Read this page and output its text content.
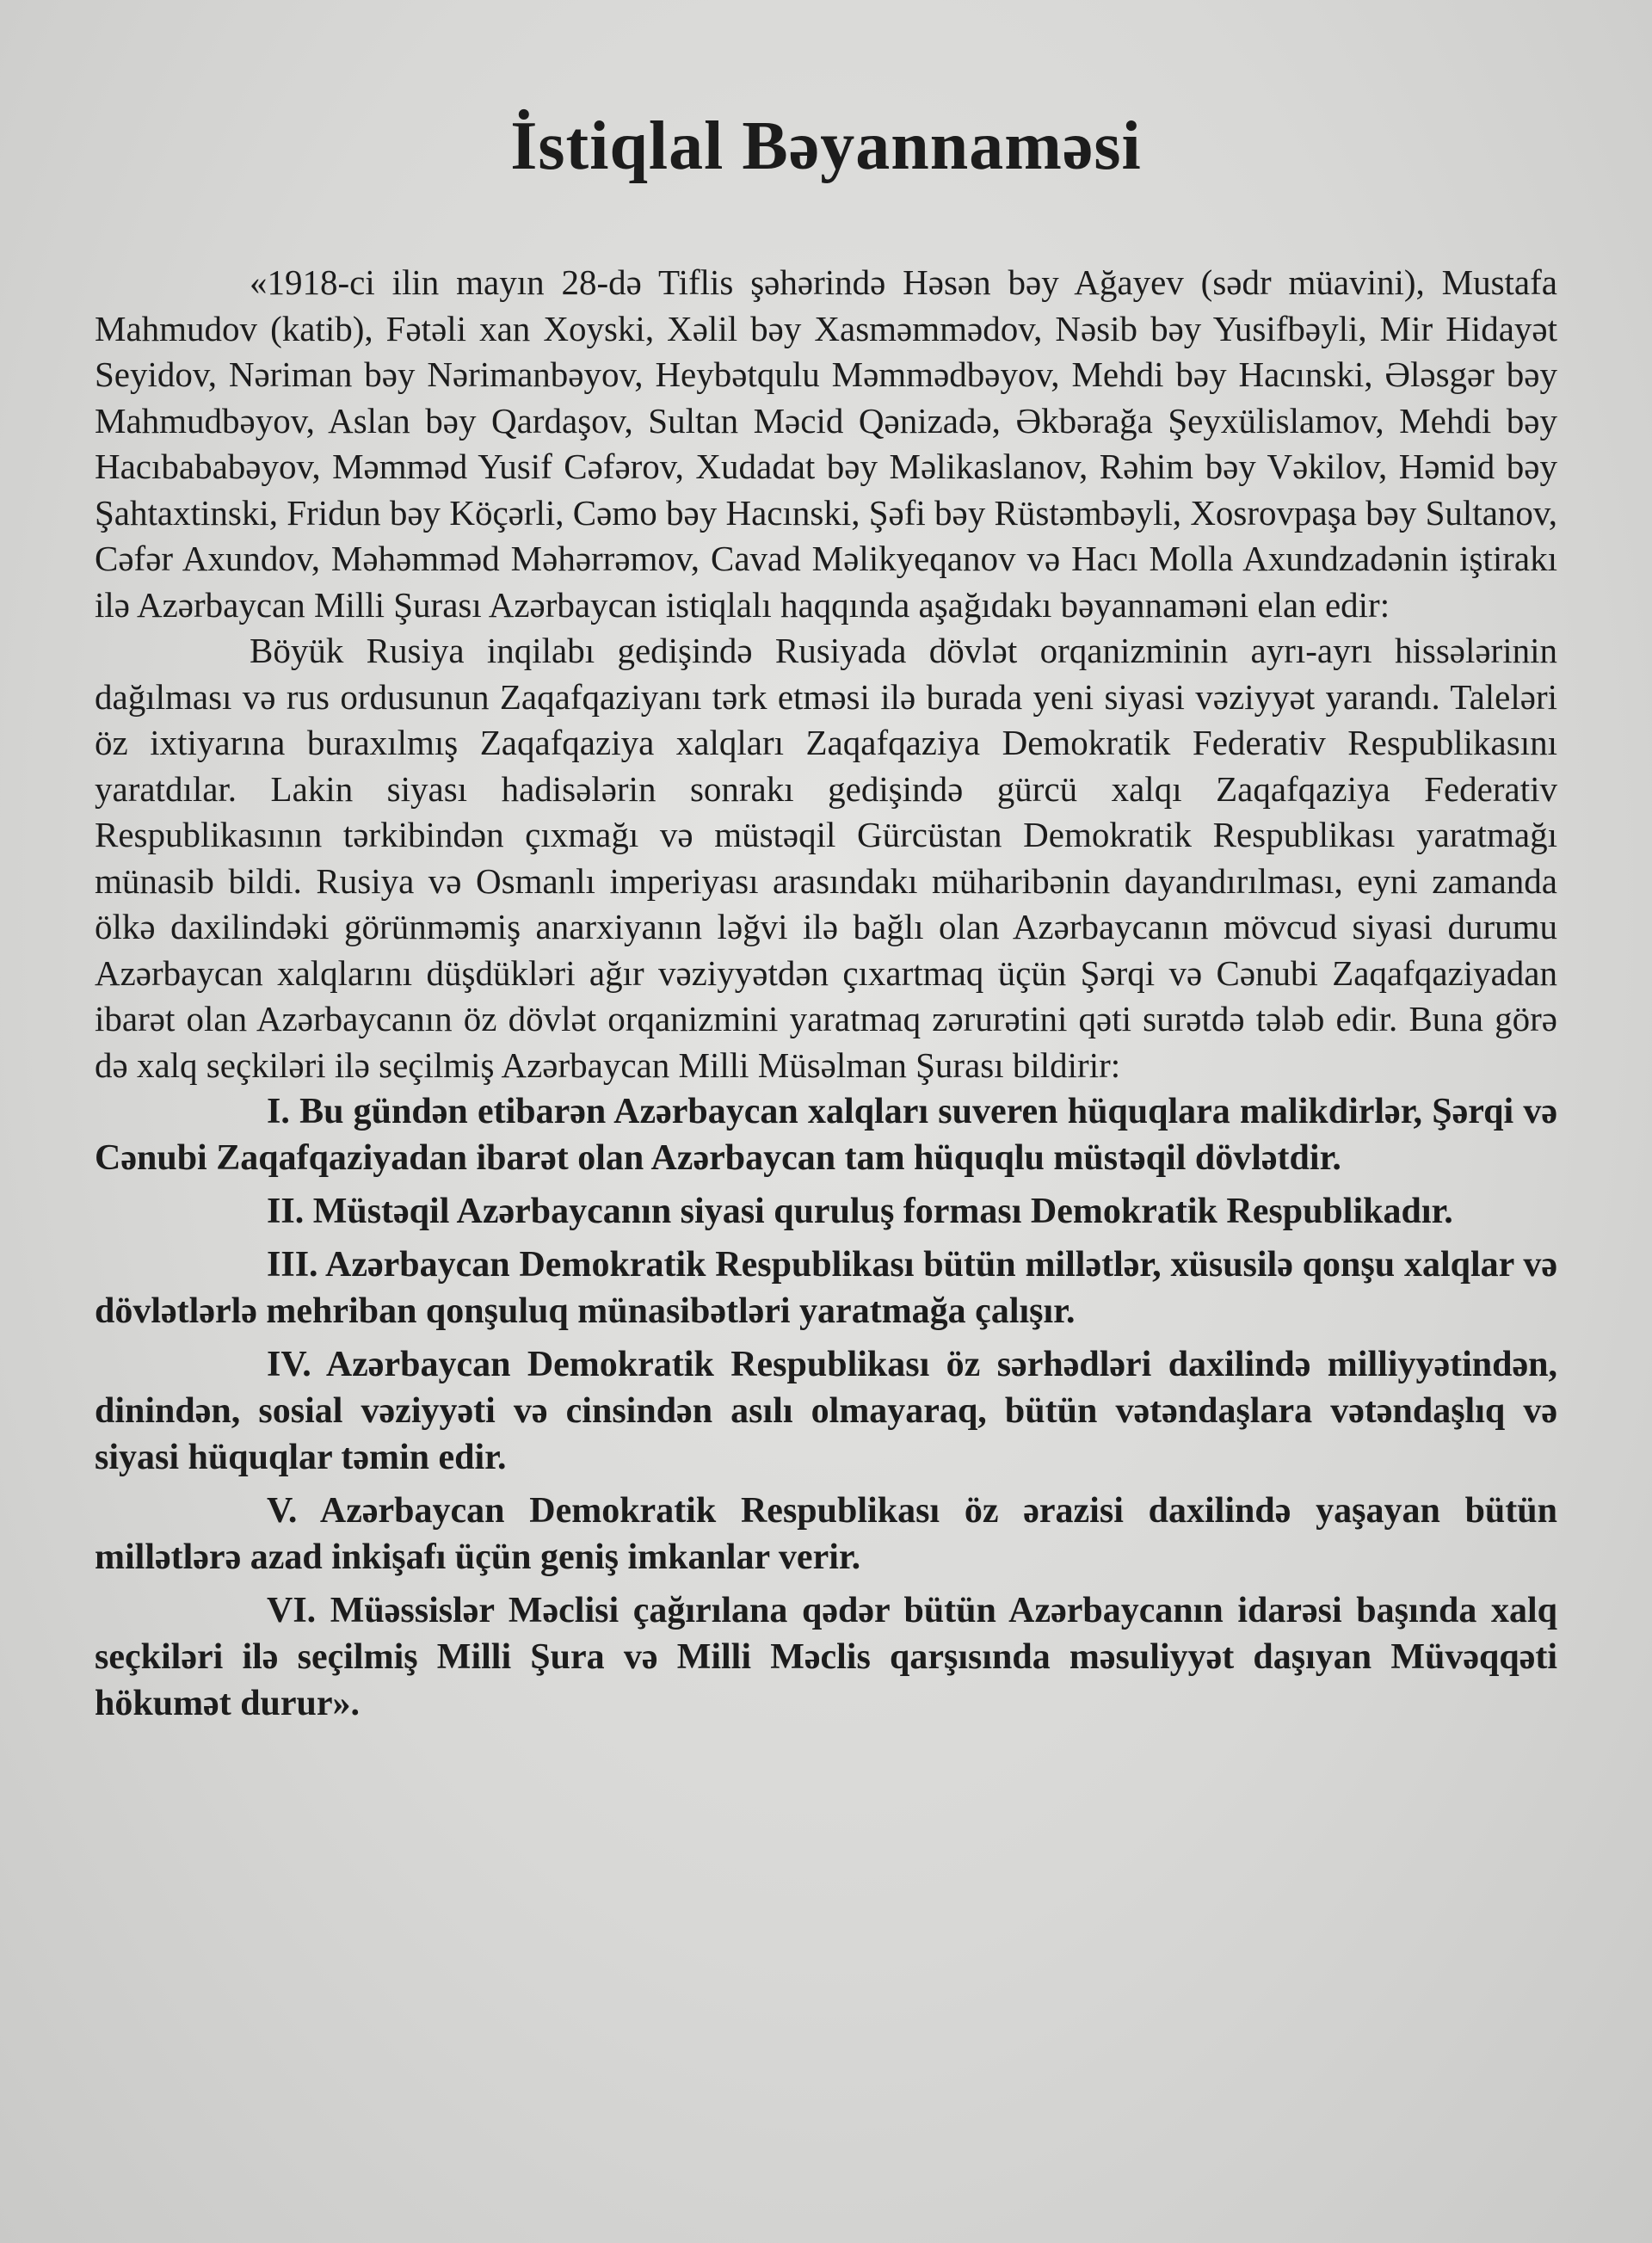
İstiqlal Bəyannaməsi

«1918-ci ilin mayın 28-də Tiflis şəhərində Həsən bəy Ağayev (sədr müavini), Mustafa Mahmudov (katib), Fətəli xan Xoyski, Xəlil bəy Xasməmmədov, Nəsib bəy Yusifbəyli, Mir Hidayət Seyidov, Nəriman bəy Nərimanbəyov, Heybətqulu Məmmədbəyov, Mehdi bəy Hacınski, Ələsgər bəy Mahmudbəyov, Aslan bəy Qardaşov, Sultan Məcid Qənizadə, Əkbərağa Şeyxülislamov, Mehdi bəy Hacıbababəyov, Məmməd Yusif Cəfərov, Xudadat bəy Məlikaslanov, Rəhim bəy Vəkilov, Həmid bəy Şahtaxtinski, Fridun bəy Köçərli, Cəmo bəy Hacınski, Şəfi bəy Rüstəmbəyli, Xosrovpaşa bəy Sultanov, Cəfər Axundov, Məhəmməd Məhərrəmov, Cavad Məlikyeqanov və Hacı Molla Axundzadənin iştirakı ilə Azərbaycan Milli Şurası Azərbaycan istiqlalı haqqında aşağıdakı bəyannaməni elan edir:

Böyük Rusiya inqilabı gedişində Rusiyada dövlət orqanizminin ayrı-ayrı hissələrinin dağılması və rus ordusunun Zaqafqaziyanı tərk etməsi ilə burada yeni siyasi vəziyyət yarandı. Taleləri öz ixtiyarına buraxılmış Zaqafqaziya xalqları Zaqafqaziya Demokratik Federativ Respublikasını yaratdılar. Lakin siyası hadisələrin sonrakı gedişində gürcü xalqı Zaqafqaziya Federativ Respublikasının tərkibindən çıxmağı və müstəqil Gürcüstan Demokratik Respublikası yaratmağı münasib bildi. Rusiya və Osmanlı imperiyası arasındakı müharibənin dayandırılması, eyni zamanda ölkə daxilindəki görünməmiş anarxiyanın ləğvi ilə bağlı olan Azərbaycanın mövcud siyasi durumu Azərbaycan xalqlarını düşdükləri ağır vəziyyətdən çıxartmaq üçün Şərqi və Cənubi Zaqafqaziyadan ibarət olan Azərbaycanın öz dövlət orqanizmini yaratmaq zərurətini qəti surətdə tələb edir. Buna görə də xalq seçkiləri ilə seçilmiş Azərbaycan Milli Müsəlman Şurası bildirir:

I. Bu gündən etibarən Azərbaycan xalqları suveren hüquqlara malikdirlər, Şərqi və Cənubi Zaqafqaziyadan ibarət olan Azərbaycan tam hüquqlu müstəqil dövlətdir.

II. Müstəqil Azərbaycanın siyasi quruluş forması Demokratik Respublikadır.

III. Azərbaycan Demokratik Respublikası bütün millətlər, xüsusilə qonşu xalqlar və dövlətlərlə mehriban qonşuluq münasibətləri yaratmağa çalışır.

IV. Azərbaycan Demokratik Respublikası öz sərhədləri daxilində milliyyətindən, dinindən, sosial vəziyyəti və cinsindən asılı olmayaraq, bütün vətəndaşlara vətəndaşlıq və siyasi hüquqlar təmin edir.

V. Azərbaycan Demokratik Respublikası öz ərazisi daxilində yaşayan bütün millətlərə azad inkişafı üçün geniş imkanlar verir.

VI. Müəssislər Məclisi çağırılana qədər bütün Azərbaycanın idarəsi başında xalq seçkiləri ilə seçilmiş Milli Şura və Milli Məclis qarşısında məsuliyyət daşıyan Müvəqqəti hökumət durur».
